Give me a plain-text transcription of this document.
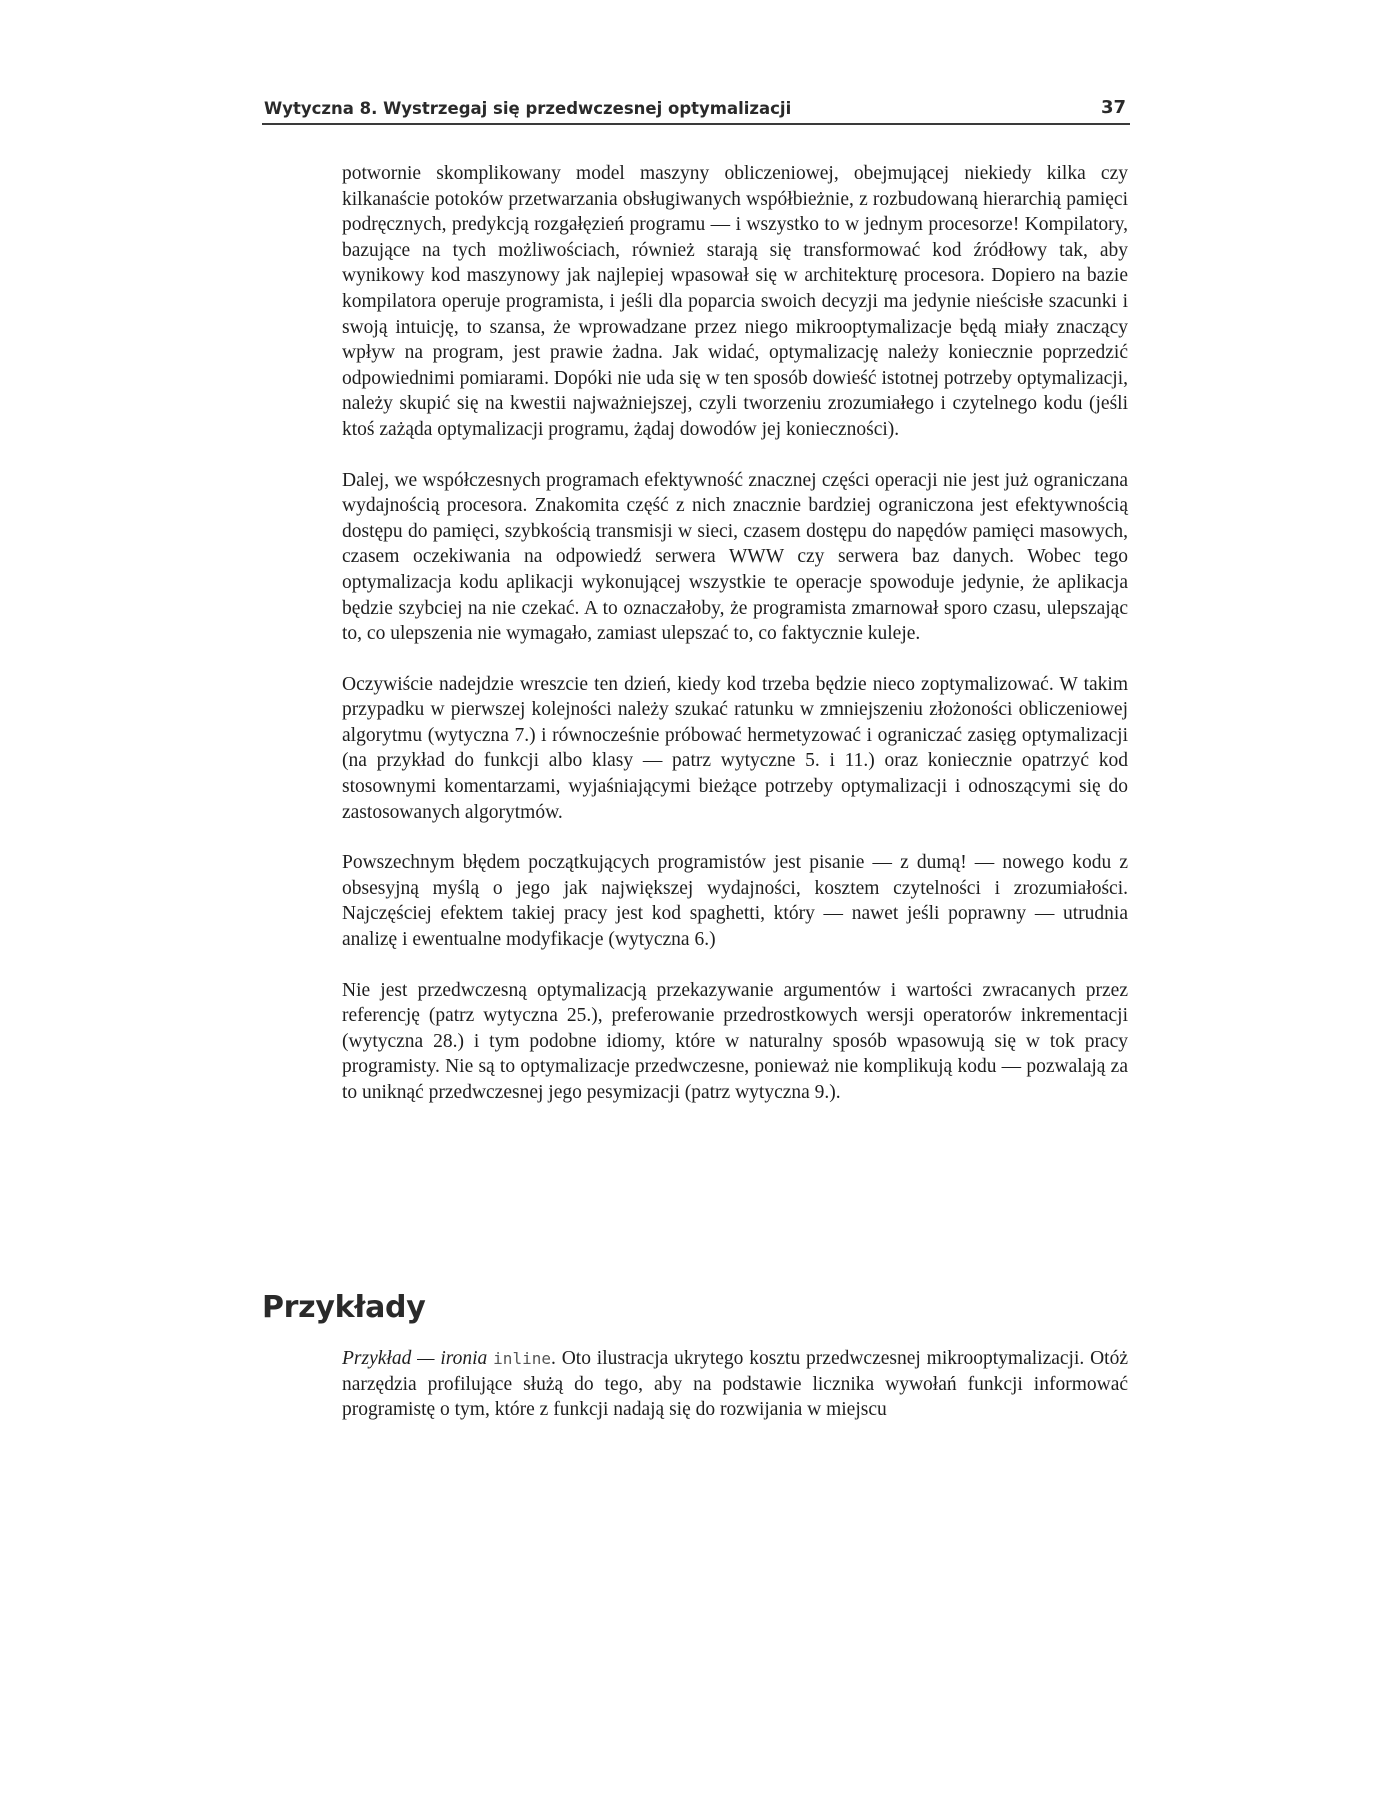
Wytyczna 8. Wystrzegaj się przedwczesnej optymalizacji	37

potwornie skomplikowany model maszyny obliczeniowej, obejmującej niekiedy kilka czy kilkanaście potoków przetwarzania obsługiwanych współbieżnie, z rozbudowaną hierarchią pamięci podręcznych, predykcją rozgałęzień programu — i wszystko to w jednym procesorze! Kompilatory, bazujące na tych możliwościach, również starają się transformować kod źródłowy tak, aby wynikowy kod maszynowy jak najlepiej wpasował się w architekturę procesora. Dopiero na bazie kompilatora operuje programista, i jeśli dla poparcia swoich decyzji ma jedynie nieścisłe szacunki i swoją intuicję, to szansa, że wprowadzane przez niego mikrooptymalizacje będą miały znaczący wpływ na program, jest prawie żadna. Jak widać, optymalizację należy koniecznie poprzedzić odpowiednimi pomiarami. Dopóki nie uda się w ten sposób dowieść istotnej potrzeby optymalizacji, należy skupić się na kwestii najważniejszej, czyli tworzeniu zrozumiałego i czytelnego kodu (jeśli ktoś zażąda optymalizacji programu, żądaj dowodów jej konieczności).

Dalej, we współczesnych programach efektywność znacznej części operacji nie jest już ograniczana wydajnością procesora. Znakomita część z nich znacznie bardziej ograniczona jest efektywnością dostępu do pamięci, szybkością transmisji w sieci, czasem dostępu do napędów pamięci masowych, czasem oczekiwania na odpowiedź serwera WWW czy serwera baz danych. Wobec tego optymalizacja kodu aplikacji wykonującej wszystkie te operacje spowoduje jedynie, że aplikacja będzie szybciej na nie czekać. A to oznaczałoby, że programista zmarnował sporo czasu, ulepszając to, co ulepszenia nie wymagało, zamiast ulepszać to, co faktycznie kuleje.

Oczywiście nadejdzie wreszcie ten dzień, kiedy kod trzeba będzie nieco zoptymalizować. W takim przypadku w pierwszej kolejności należy szukać ratunku w zmniejszeniu złożoności obliczeniowej algorytmu (wytyczna 7.) i równocześnie próbować hermetyzować i ograniczać zasięg optymalizacji (na przykład do funkcji albo klasy — patrz wytyczne 5. i 11.) oraz koniecznie opatrzyć kod stosownymi komentarzami, wyjaśniającymi bieżące potrzeby optymalizacji i odnoszącymi się do zastosowanych algorytmów.

Powszechnym błędem początkujących programistów jest pisanie — z dumą! — nowego kodu z obsesyjną myślą o jego jak największej wydajności, kosztem czytelności i zrozumiałości. Najczęściej efektem takiej pracy jest kod spaghetti, który — nawet jeśli poprawny — utrudnia analizę i ewentualne modyfikacje (wytyczna 6.)

Nie jest przedwczesną optymalizacją przekazywanie argumentów i wartości zwracanych przez referencję (patrz wytyczna 25.), preferowanie przedrostkowych wersji operatorów inkrementacji (wytyczna 28.) i tym podobne idiomy, które w naturalny sposób wpasowują się w tok pracy programisty. Nie są to optymalizacje przedwczesne, ponieważ nie komplikują kodu — pozwalają za to uniknąć przedwczesnej jego pesymizacji (patrz wytyczna 9.).

Przykłady

Przykład — ironia inline. Oto ilustracja ukrytego kosztu przedwczesnej mikrooptymalizacji. Otóż narzędzia profilujące służą do tego, aby na podstawie licznika wywołań funkcji informować programistę o tym, które z funkcji nadają się do rozwijania w miejscu
